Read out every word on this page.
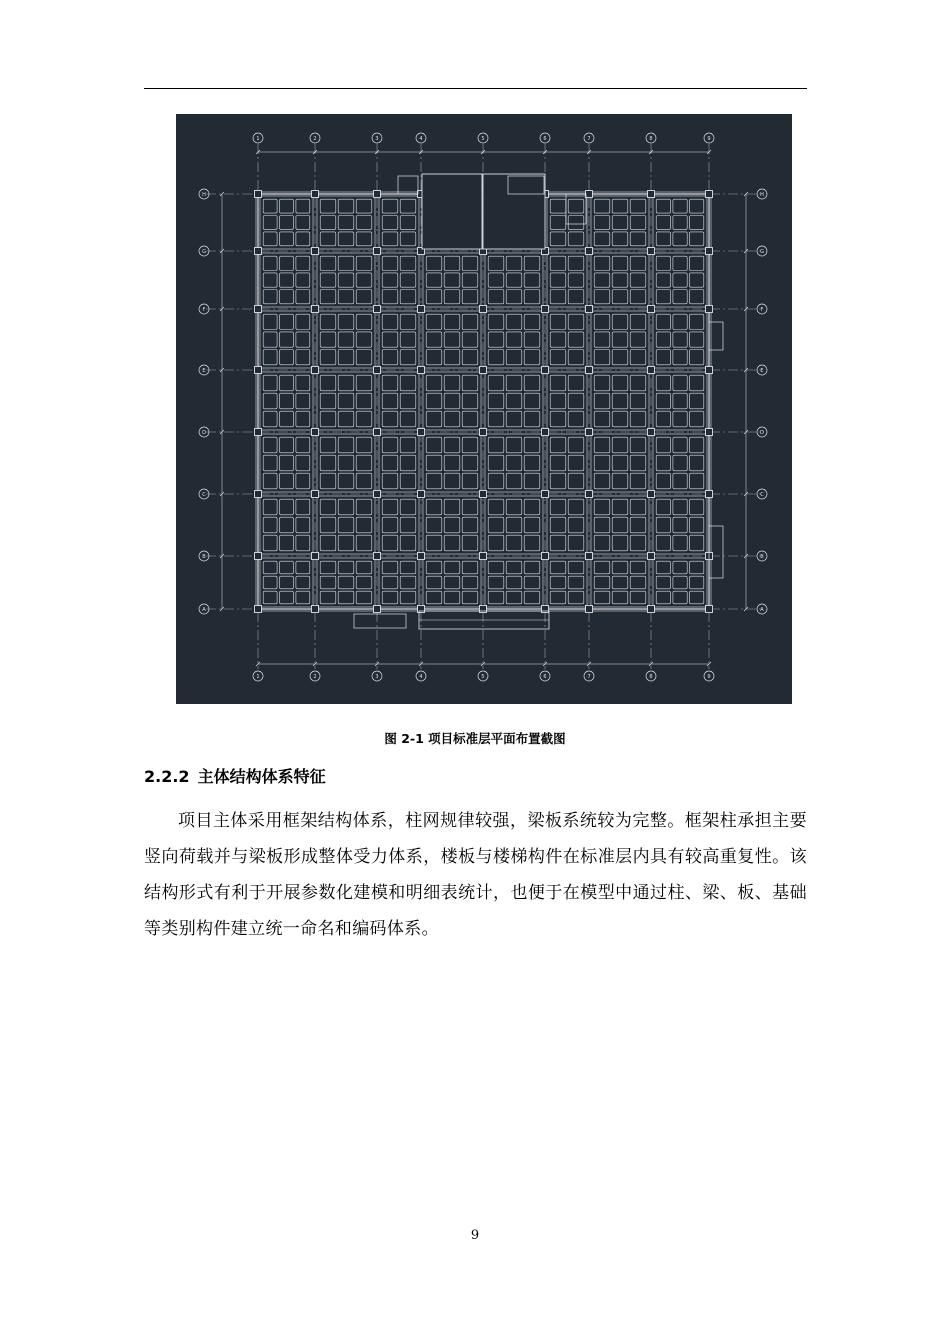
1
1
2
2
3
3
4
4
5
5
6
6
7
7
8
8
9
9
H	H
G	G
F	F
E	E
D	D
C	C
B	B
A	A
图 2-1 项目标准层平面布置截图
2.2.2 主体结构体系特征

项目主体采用框架结构体系，柱网规律较强，梁板系统较为完整。框架柱承担主要竖向荷载并与梁板形成整体受力体系，楼板与楼梯构件在标准层内具有较高重复性。该结构形式有利于开展参数化建模和明细表统计，也便于在模型中通过柱、梁、板、基础等类别构件建立统一命名和编码体系。

9
